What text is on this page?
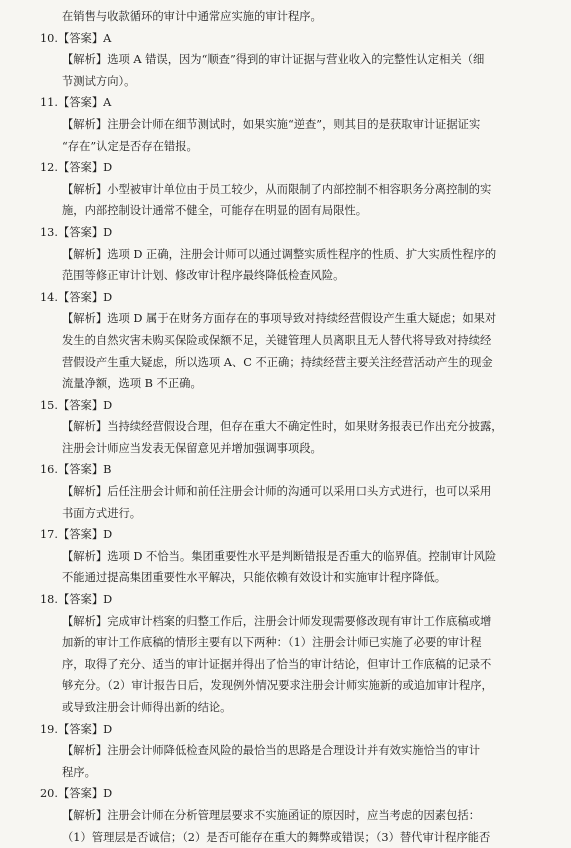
在销售与收款循环的审计中通常应实施的审计程序。
10.【答案】A
【解析】选项 A 错误，因为“顺查”得到的审计证据与营业收入的完整性认定相关（细
节测试方向）。
11.【答案】A
【解析】注册会计师在细节测试时，如果实施“逆查”，则其目的是获取审计证据证实
“存在”认定是否存在错报。
12.【答案】D
【解析】小型被审计单位由于员工较少，从而限制了内部控制不相容职务分离控制的实
施，内部控制设计通常不健全，可能存在明显的固有局限性。
13.【答案】D
【解析】选项 D 正确，注册会计师可以通过调整实质性程序的性质、扩大实质性程序的
范围等修正审计计划、修改审计程序最终降低检查风险。
14.【答案】D
【解析】选项 D 属于在财务方面存在的事项导致对持续经营假设产生重大疑虑；如果对
发生的自然灾害未购买保险或保额不足，关键管理人员离职且无人替代将导致对持续经
营假设产生重大疑虑，所以选项 A、C 不正确；持续经营主要关注经营活动产生的现金
流量净额，选项 B 不正确。
15.【答案】D
【解析】当持续经营假设合理，但存在重大不确定性时，如果财务报表已作出充分披露，
注册会计师应当发表无保留意见并增加强调事项段。
16.【答案】B
【解析】后任注册会计师和前任注册会计师的沟通可以采用口头方式进行，也可以采用
书面方式进行。
17.【答案】D
【解析】选项 D 不恰当。集团重要性水平是判断错报是否重大的临界值。控制审计风险
不能通过提高集团重要性水平解决，只能依赖有效设计和实施审计程序降低。
18.【答案】D
【解析】完成审计档案的归整工作后，注册会计师发现需要修改现有审计工作底稿或增
加新的审计工作底稿的情形主要有以下两种：（1）注册会计师已实施了必要的审计程
序，取得了充分、适当的审计证据并得出了恰当的审计结论，但审计工作底稿的记录不
够充分。（2）审计报告日后，发现例外情况要求注册会计师实施新的或追加审计程序，
或导致注册会计师得出新的结论。
19.【答案】D
【解析】注册会计师降低检查风险的最恰当的思路是合理设计并有效实施恰当的审计
程序。
20.【答案】D
【解析】注册会计师在分析管理层要求不实施函证的原因时，应当考虑的因素包括：
（1）管理层是否诚信；（2）是否可能存在重大的舞弊或错误；（3）替代审计程序能否
